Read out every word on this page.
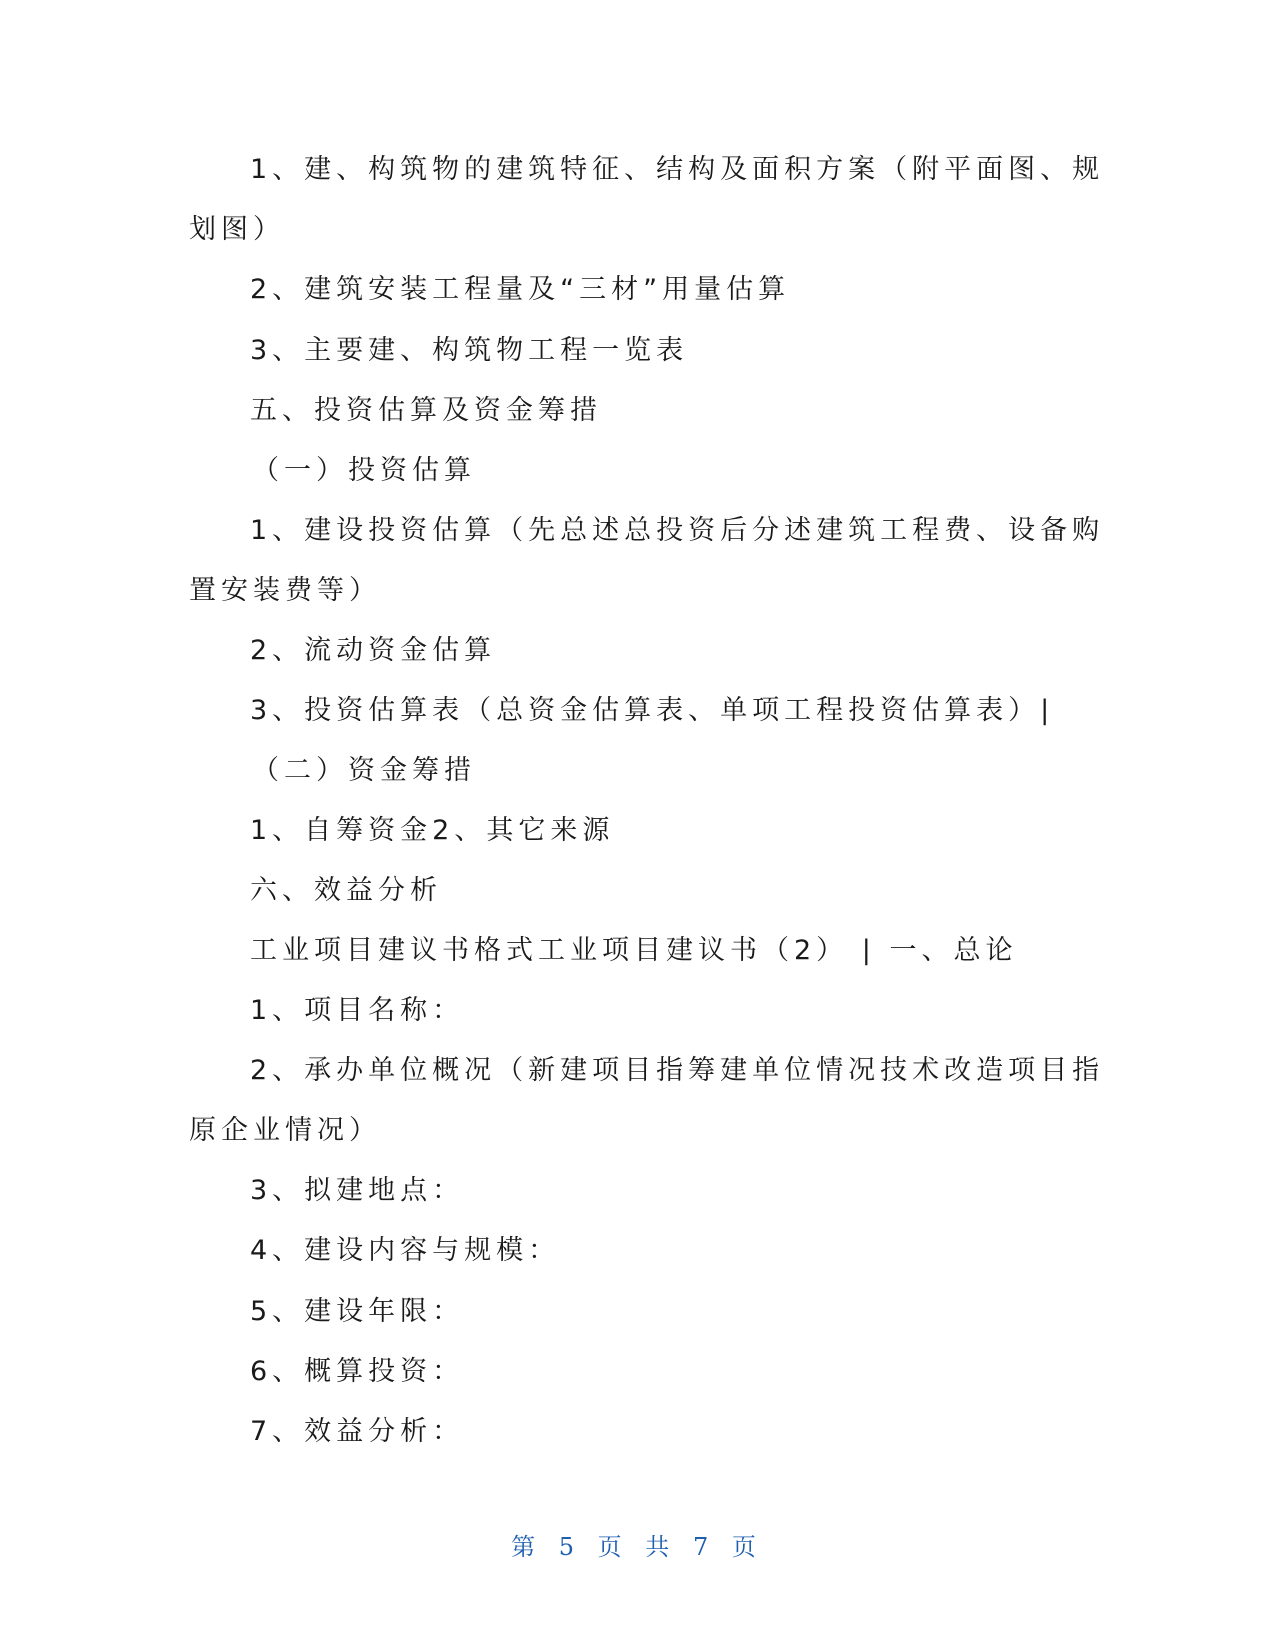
1、建、构筑物的建筑特征、结构及面积方案（附平面图、规
划图）
2、建筑安装工程量及“三材”用量估算
3、主要建、构筑物工程一览表
五、投资估算及资金筹措
（一）投资估算
1、建设投资估算（先总述总投资后分述建筑工程费、设备购
置安装费等）
2、流动资金估算
3、投资估算表（总资金估算表、单项工程投资估算表）|
（二）资金筹措
1、自筹资金2、其它来源
六、效益分析
工业项目建议书格式工业项目建议书（2） | 一、总论
1、项目名称：
2、承办单位概况（新建项目指筹建单位情况技术改造项目指
原企业情况）
3、拟建地点：
4、建设内容与规模：
5、建设年限：
6、概算投资：
7、效益分析：
第 5 页 共 7 页
